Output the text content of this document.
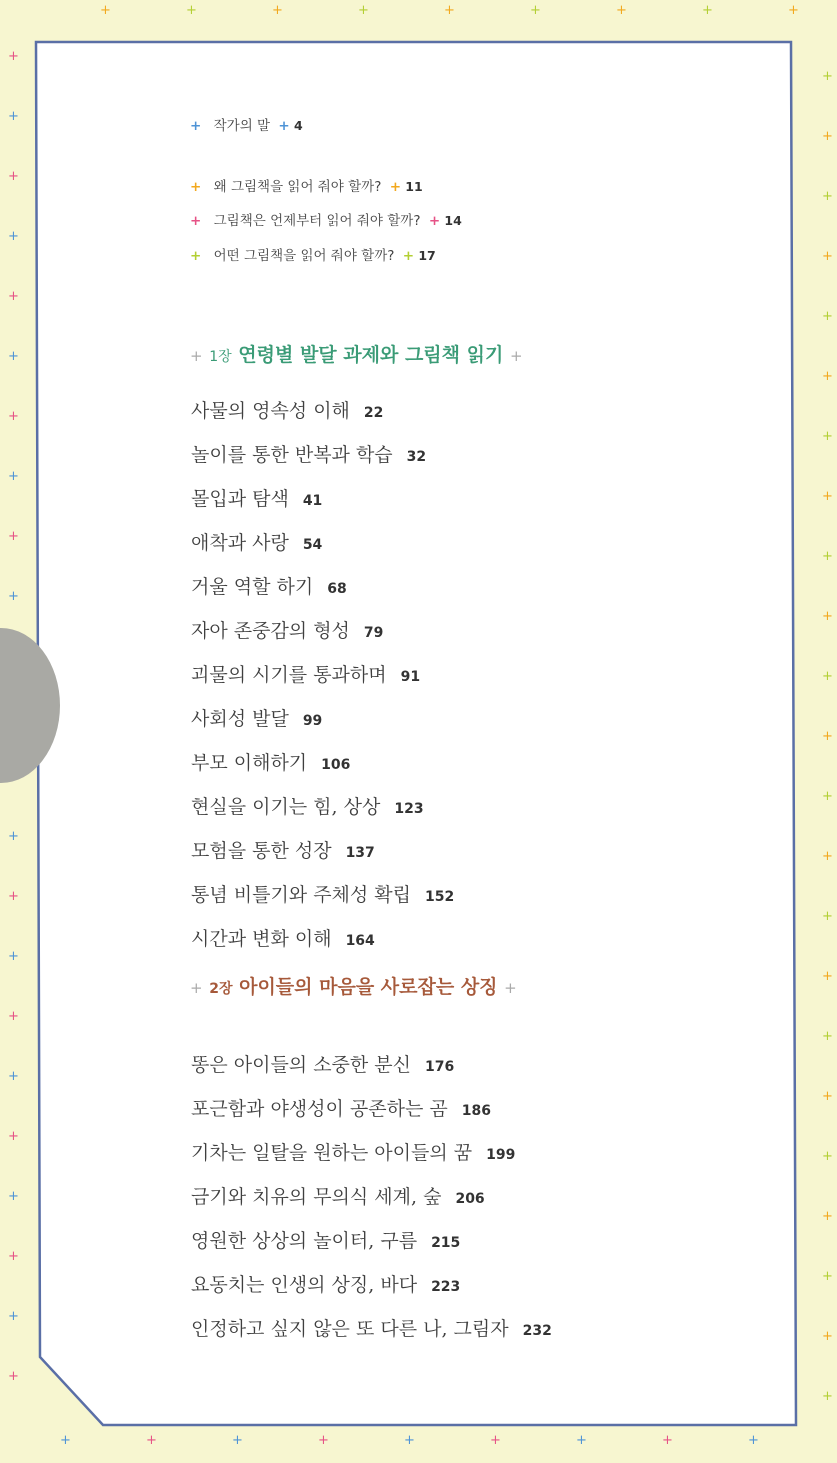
+
+
+
+
+
+
+
+
+
+
+
+
+
+
+
+
+
+
+
+
+
+
+
+
+
+
+
+
+
+
+
+
+
+
+
+
+
+
+
+
+
+
+
+
+
+
+
+
+
+
+
+
+
+
+
+
+
+
+
+
+
+ 작가의 말 + 4
+ 왜 그림책을 읽어 줘야 할까? + 11
+ 그림책은 언제부터 읽어 줘야 할까? + 14
+ 어떤 그림책을 읽어 줘야 할까? + 17
+ 1장 연령별 발달 과제와 그림책 읽기 +
사물의 영속성 이해 22
놀이를 통한 반복과 학습 32
몰입과 탐색 41
애착과 사랑 54
거울 역할 하기 68
자아 존중감의 형성 79
괴물의 시기를 통과하며 91
사회성 발달 99
부모 이해하기 106
현실을 이기는 힘, 상상 123
모험을 통한 성장 137
통념 비틀기와 주체성 확립 152
시간과 변화 이해 164
+ 2장 아이들의 마음을 사로잡는 상징 +
똥은 아이들의 소중한 분신 176
포근함과 야생성이 공존하는 곰 186
기차는 일탈을 원하는 아이들의 꿈 199
금기와 치유의 무의식 세계, 숲 206
영원한 상상의 놀이터, 구름 215
요동치는 인생의 상징, 바다 223
인정하고 싶지 않은 또 다른 나, 그림자 232
